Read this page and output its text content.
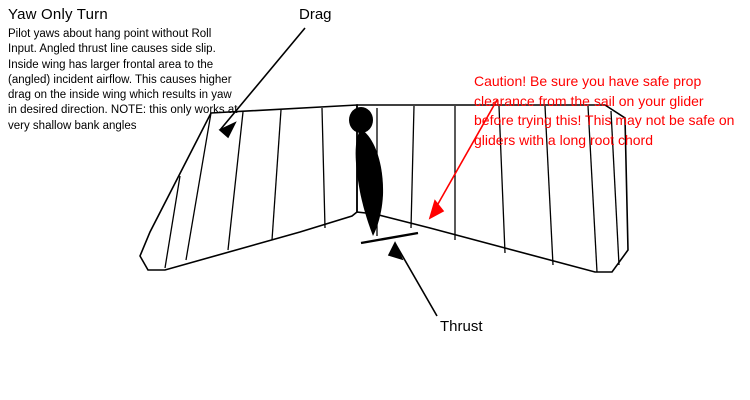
Yaw Only Turn
Pilot yaws about hang point without Roll Input. Angled thrust line causes side slip. Inside wing has larger frontal area to the (angled) incident airflow. This causes higher drag on the inside wing which results in yaw in desired direction. NOTE: this only works at very shallow bank angles
Caution! Be sure you have safe prop clearance from the sail on your glider before trying this! This may not be safe on gliders with a long root chord
Drag
Thrust
